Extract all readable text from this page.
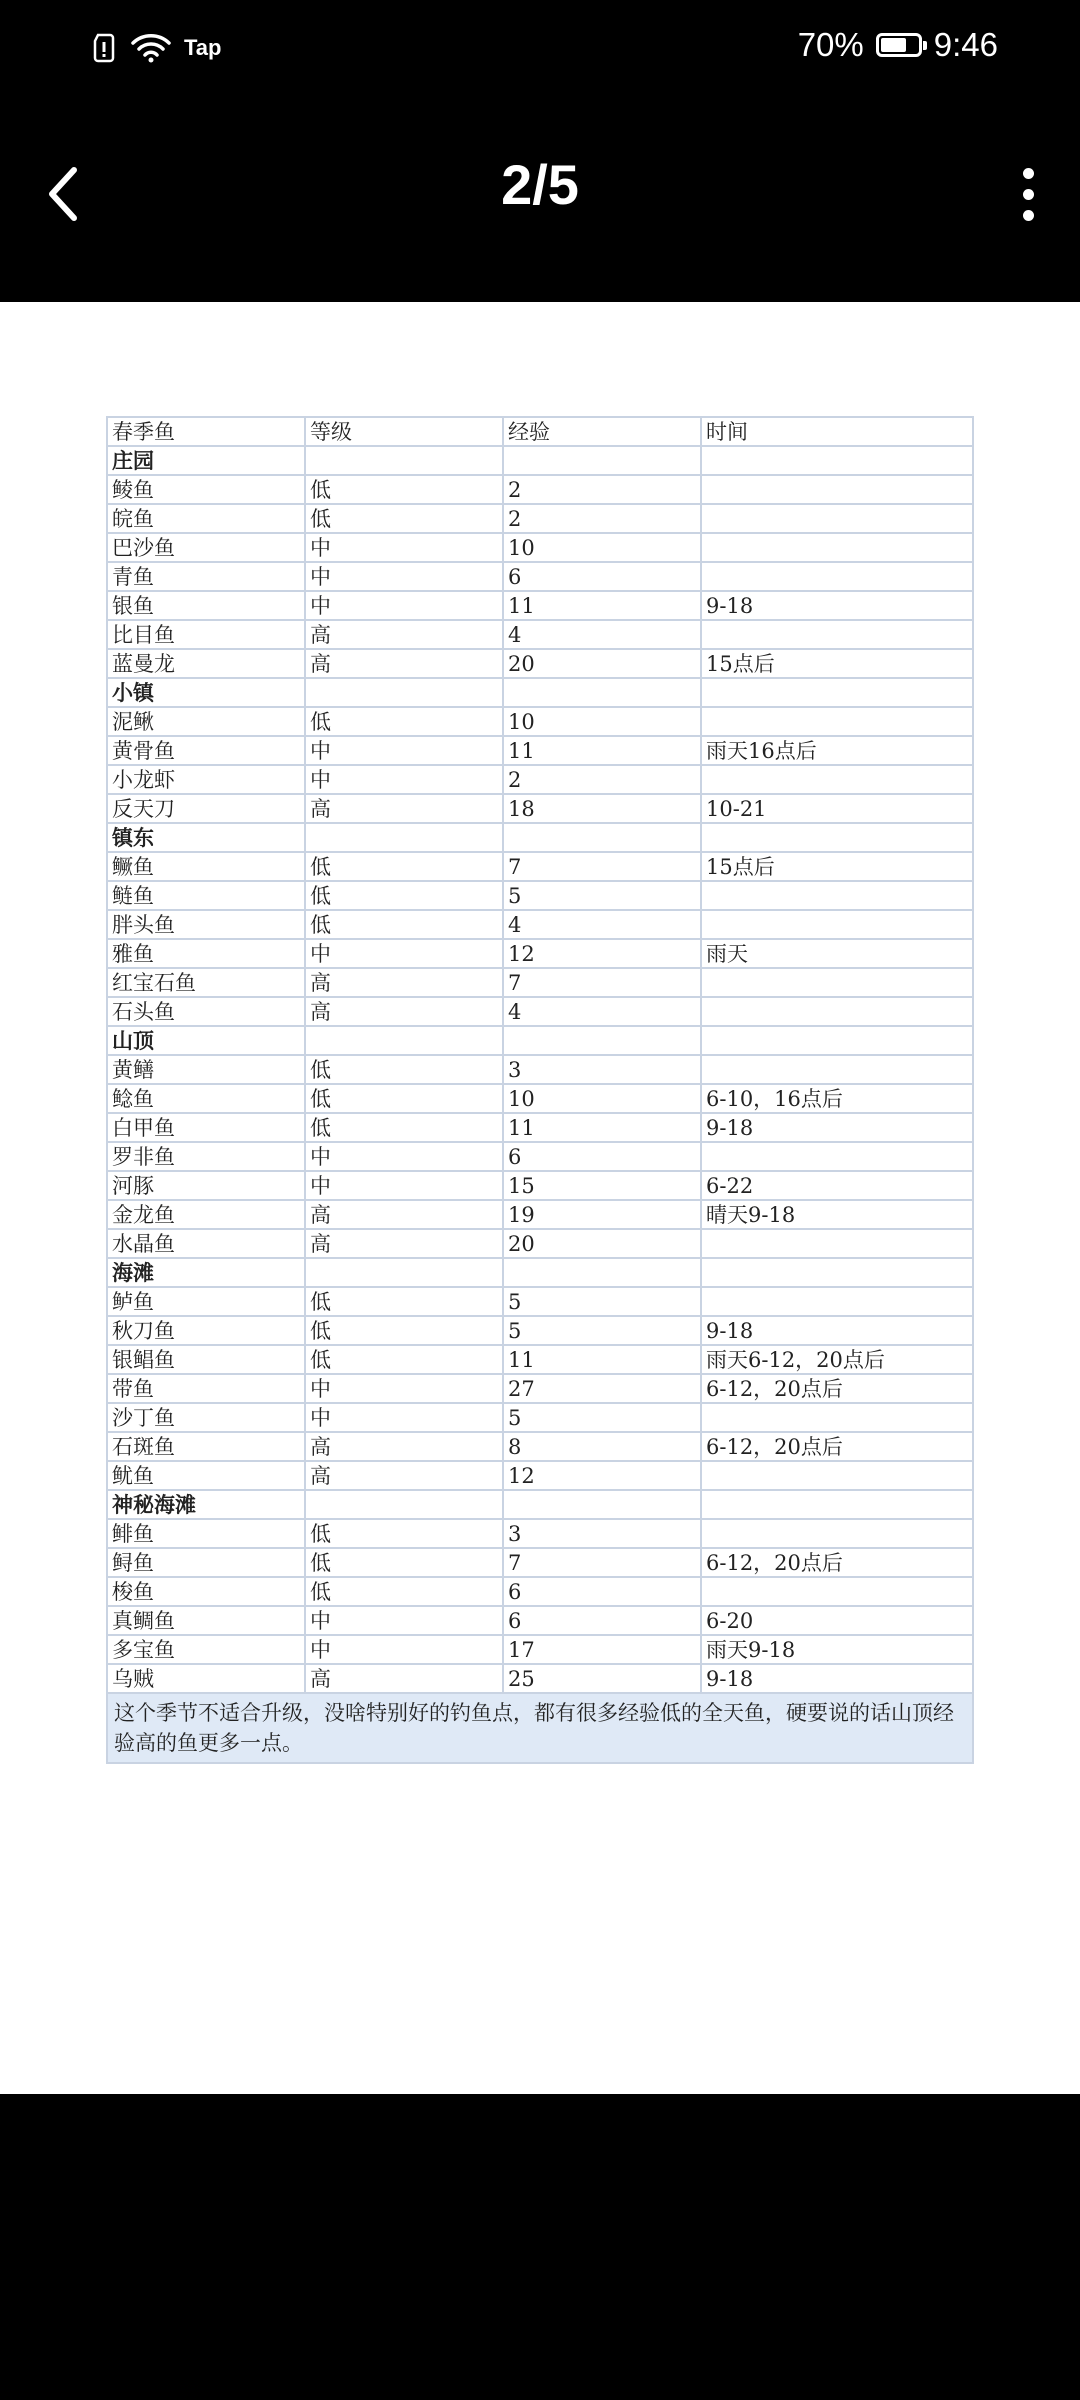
Tap	70% 9:46
2/5
春季鱼	等级	经验	时间
庄园			
鲮鱼	低	2	
皖鱼	低	2	
巴沙鱼	中	10	
青鱼	中	6	
银鱼	中	11	9-18
比目鱼	高	4	
蓝曼龙	高	20	15点后
小镇			
泥鳅	低	10	
黄骨鱼	中	11	雨天16点后
小龙虾	中	2	
反天刀	高	18	10-21
镇东			
鳜鱼	低	7	15点后
鲢鱼	低	5	
胖头鱼	低	4	
雅鱼	中	12	雨天
红宝石鱼	高	7	
石头鱼	高	4	
山顶			
黄鳝	低	3	
鲶鱼	低	10	6-10，16点后
白甲鱼	低	11	9-18
罗非鱼	中	6	
河豚	中	15	6-22
金龙鱼	高	19	晴天9-18
水晶鱼	高	20	
海滩			
鲈鱼	低	5	
秋刀鱼	低	5	9-18
银鲳鱼	低	11	雨天6-12，20点后
带鱼	中	27	6-12，20点后
沙丁鱼	中	5	
石斑鱼	高	8	6-12，20点后
鱿鱼	高	12	
神秘海滩			
鲱鱼	低	3	
鲟鱼	低	7	6-12，20点后
梭鱼	低	6	
真鲷鱼	中	6	6-20
多宝鱼	中	17	雨天9-18
乌贼	高	25	9-18
这个季节不适合升级，没啥特别好的钓鱼点，都有很多经验低的全天鱼，硬要说的话山顶经验高的鱼更多一点。
